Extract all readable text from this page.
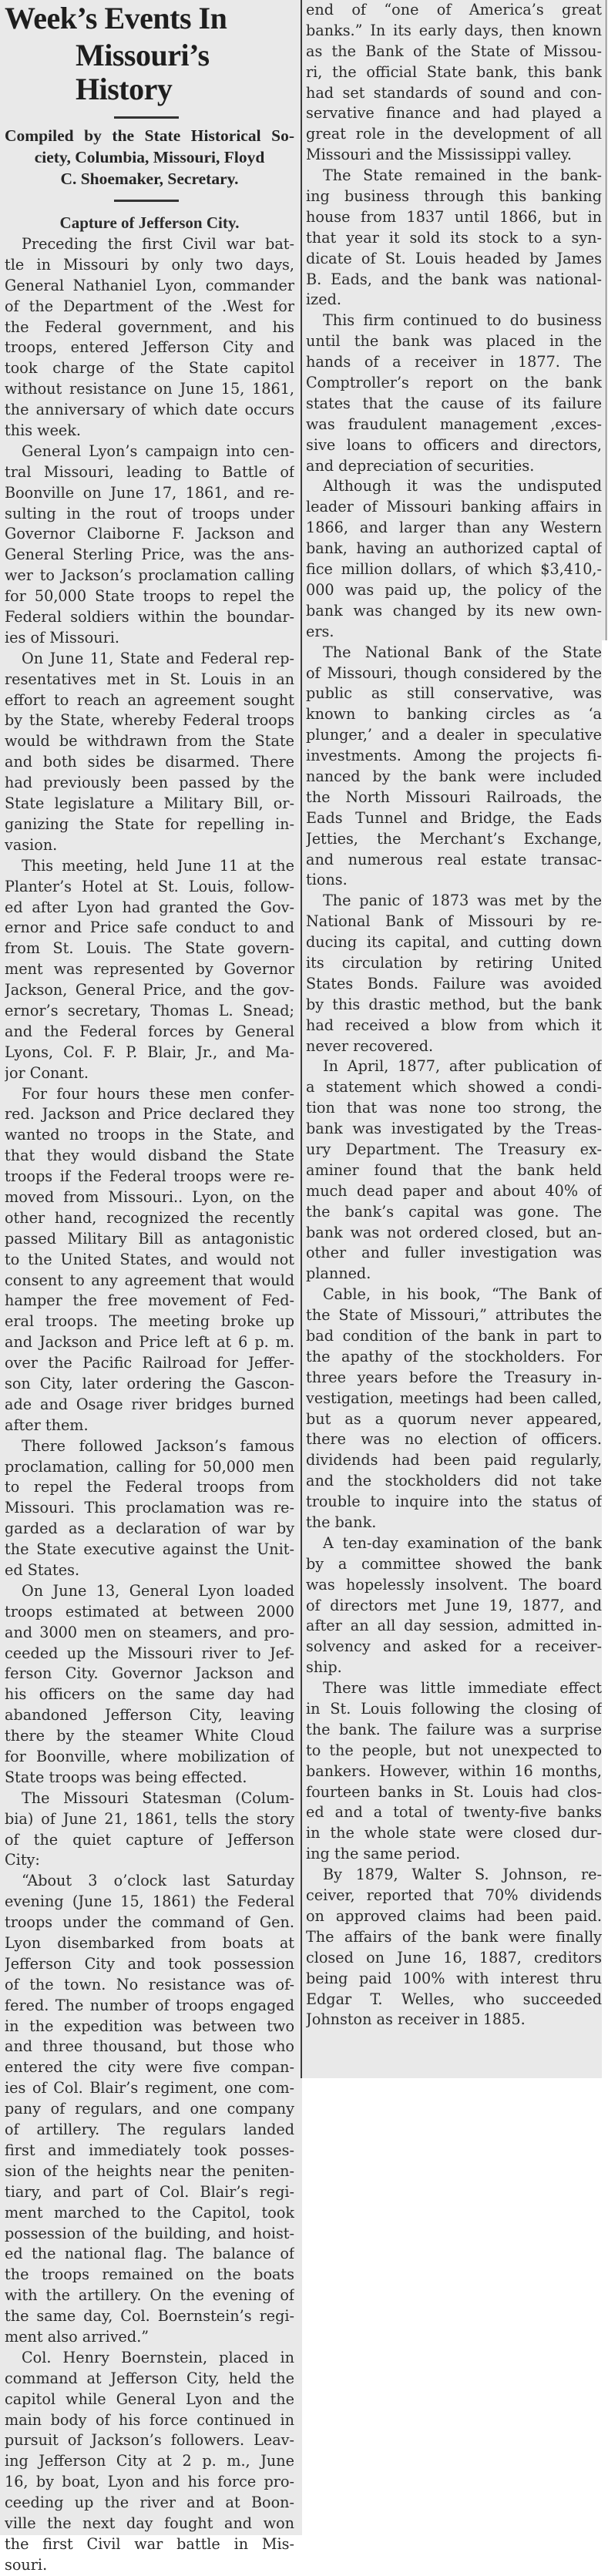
Week’s Events In
Missouri’s History
Compiled by the State Historical So-
ciety, Columbia, Missouri, Floyd
C. Shoemaker, Secretary.
Capture of Jefferson City.
Preceding the first Civil war bat-
tle in Missouri by only two days,
General Nathaniel Lyon, commander
of the Department of the .West for
the Federal government, and his
troops, entered Jefferson City and
took charge of the State capitol
without resistance on June 15, 1861,
the anniversary of which date occurs
this week.
General Lyon’s campaign into cen-
tral Missouri, leading to Battle of
Boonville on June 17, 1861, and re-
sulting in the rout of troops under
Governor Claiborne F. Jackson and
General Sterling Price, was the ans-
wer to Jackson’s proclamation calling
for 50,000 State troops to repel the
Federal soldiers within the boundar-
ies of Missouri.
On June 11, State and Federal rep-
resentatives met in St. Louis in an
effort to reach an agreement sought
by the State, whereby Federal troops
would be withdrawn from the State
and both sides be disarmed. There
had previously been passed by the
State legislature a Military Bill, or-
ganizing the State for repelling in-
vasion.
This meeting, held June 11 at the
Planter’s Hotel at St. Louis, follow-
ed after Lyon had granted the Gov-
ernor and Price safe conduct to and
from St. Louis. The State govern-
ment was represented by Governor
Jackson, General Price, and the gov-
ernor’s secretary, Thomas L. Snead;
and the Federal forces by General
Lyons, Col. F. P. Blair, Jr., and Ma-
jor Conant.
For four hours these men confer-
red. Jackson and Price declared they
wanted no troops in the State, and
that they would disband the State
troops if the Federal troops were re-
moved from Missouri.. Lyon, on the
other hand, recognized the recently
passed Military Bill as antagonistic
to the United States, and would not
consent to any agreement that would
hamper the free movement of Fed-
eral troops. The meeting broke up
and Jackson and Price left at 6 p. m.
over the Pacific Railroad for Jeffer-
son City, later ordering the Gascon-
ade and Osage river bridges burned
after them.
There followed Jackson’s famous
proclamation, calling for 50,000 men
to repel the Federal troops from
Missouri. This proclamation was re-
garded as a declaration of war by
the State executive against the Unit-
ed States.
On June 13, General Lyon loaded
troops estimated at between 2000
and 3000 men on steamers, and pro-
ceeded up the Missouri river to Jef-
ferson City. Governor Jackson and
his officers on the same day had
abandoned Jefferson City, leaving
there by the steamer White Cloud
for Boonville, where mobilization of
State troops was being effected.
The Missouri Statesman (Colum-
bia) of June 21, 1861, tells the story
of the quiet capture of Jefferson
City:
“About 3 o’clock last Saturday
evening (June 15, 1861) the Federal
troops under the command of Gen.
Lyon disembarked from boats at
Jefferson City and took possession
of the town. No resistance was of-
fered. The number of troops engaged
in the expedition was between two
and three thousand, but those who
entered the city were five compan-
ies of Col. Blair’s regiment, one com-
pany of regulars, and one company
of artillery. The regulars landed
first and immediately took posses-
sion of the heights near the peniten-
tiary, and part of Col. Blair’s regi-
ment marched to the Capitol, took
possession of the building, and hoist-
ed the national flag. The balance of
the troops remained on the boats
with the artillery. On the evening of
the same day, Col. Boernstein’s regi-
ment also arrived.”
Col. Henry Boernstein, placed in
command at Jefferson City, held the
capitol while General Lyon and the
main body of his force continued in
pursuit of Jackson’s followers. Leav-
ing Jefferson City at 2 p. m., June
16, by boat, Lyon and his force pro-
ceeding up the river and at Boon-
ville the next day fought and won
the first Civil war battle in Mis-
souri.
end of “one of America’s great
banks.” In its early days, then known
as the Bank of the State of Missou-
ri, the official State bank, this bank
had set standards of sound and con-
servative finance and had played a
great role in the development of all
Missouri and the Mississippi valley.
The State remained in the bank-
ing business through this banking
house from 1837 until 1866, but in
that year it sold its stock to a syn-
dicate of St. Louis headed by James
B. Eads, and the bank was national-
ized.
This firm continued to do business
until the bank was placed in the
hands of a receiver in 1877. The
Comptroller’s report on the bank
states that the cause of its failure
was fraudulent management ,exces-
sive loans to officers and directors,
and depreciation of securities.
Although it was the undisputed
leader of Missouri banking affairs in
1866, and larger than any Western
bank, having an authorized captal of
fice million dollars, of which $3,410,-
000 was paid up, the policy of the
bank was changed by its new own-
ers.
The National Bank of the State
of Missouri, though considered by the
public as still conservative, was
known to banking circles as ‘a
plunger,’ and a dealer in speculative
investments. Among the projects fi-
nanced by the bank were included
the North Missouri Railroads, the
Eads Tunnel and Bridge, the Eads
Jetties, the Merchant’s Exchange,
and numerous real estate transac-
tions.
The panic of 1873 was met by the
National Bank of Missouri by re-
ducing its capital, and cutting down
its circulation by retiring United
States Bonds. Failure was avoided
by this drastic method, but the bank
had received a blow from which it
never recovered.
In April, 1877, after publication of
a statement which showed a condi-
tion that was none too strong, the
bank was investigated by the Treas-
ury Department. The Treasury ex-
aminer found that the bank held
much dead paper and about 40% of
the bank’s capital was gone. The
bank was not ordered closed, but an-
other and fuller investigation was
planned.
Cable, in his book, “The Bank of
the State of Missouri,” attributes the
bad condition of the bank in part to
the apathy of the stockholders. For
three years before the Treasury in-
vestigation, meetings had been called,
but as a quorum never appeared,
there was no election of officers.
dividends had been paid regularly,
and the stockholders did not take
trouble to inquire into the status of
the bank.
A ten-day examination of the bank
by a committee showed the bank
was hopelessly insolvent. The board
of directors met June 19, 1877, and
after an all day session, admitted in-
solvency and asked for a receiver-
ship.
There was little immediate effect
in St. Louis following the closing of
the bank. The failure was a surprise
to the people, but not unexpected to
bankers. However, within 16 months,
fourteen banks in St. Louis had clos-
ed and a total of twenty-five banks
in the whole state were closed dur-
ing the same period.
By 1879, Walter S. Johnson, re-
ceiver, reported that 70% dividends
on approved claims had been paid.
The affairs of the bank were finally
closed on June 16, 1887, creditors
being paid 100% with interest thru
Edgar T. Welles, who succeeded
Johnston as receiver in 1885.
